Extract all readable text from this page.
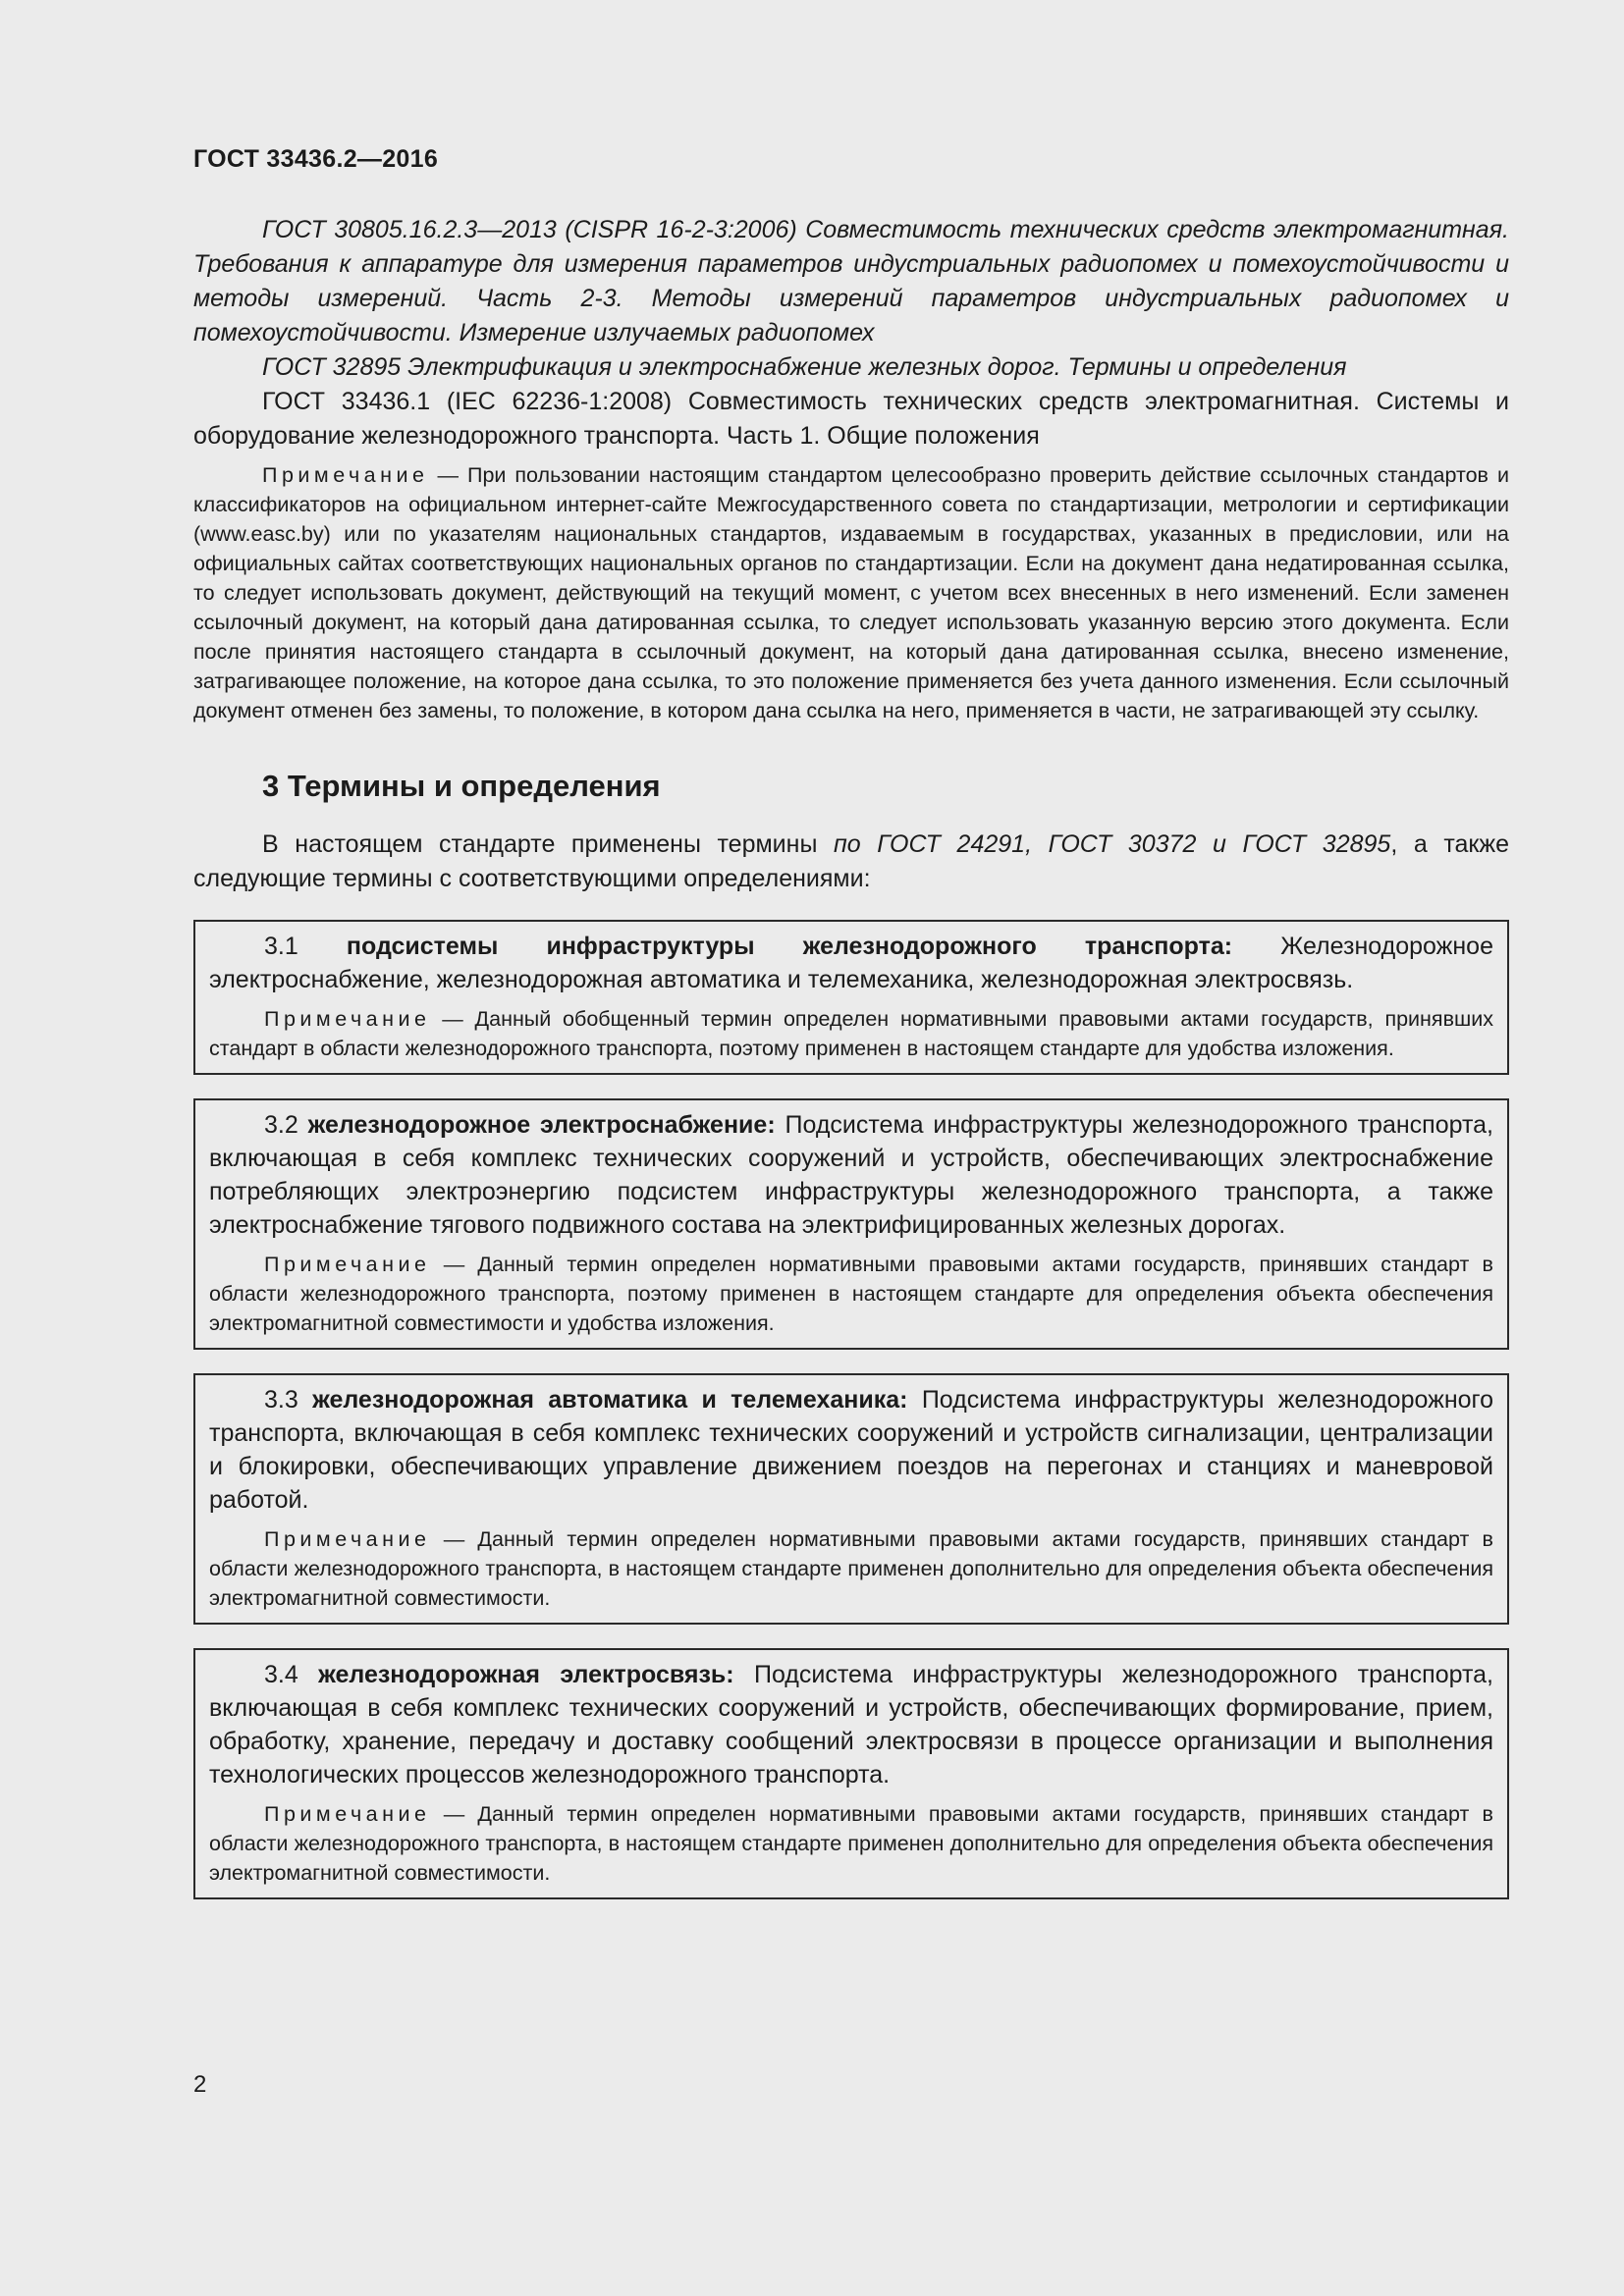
ГОСТ 33436.2—2016

ГОСТ 30805.16.2.3—2013 (CISPR 16-2-3:2006) Совместимость технических средств электромагнитная. Требования к аппаратуре для измерения параметров индустриальных радиопомех и помехоустойчивости и методы измерений. Часть 2-3. Методы измерений параметров индустриальных радиопомех и помехоустойчивости. Измерение излучаемых радиопомех

ГОСТ 32895 Электрификация и электроснабжение железных дорог. Термины и определения

ГОСТ 33436.1 (IEC 62236-1:2008) Совместимость технических средств электромагнитная. Системы и оборудование железнодорожного транспорта. Часть 1. Общие положения

Примечание — При пользовании настоящим стандартом целесообразно проверить действие ссылочных стандартов и классификаторов на официальном интернет-сайте Межгосударственного совета по стандартизации, метрологии и сертификации (www.easc.by) или по указателям национальных стандартов, издаваемым в государствах, указанных в предисловии, или на официальных сайтах соответствующих национальных органов по стандартизации. Если на документ дана недатированная ссылка, то следует использовать документ, действующий на текущий момент, с учетом всех внесенных в него изменений. Если заменен ссылочный документ, на который дана датированная ссылка, то следует использовать указанную версию этого документа. Если после принятия настоящего стандарта в ссылочный документ, на который дана датированная ссылка, внесено изменение, затрагивающее положение, на которое дана ссылка, то это положение применяется без учета данного изменения. Если ссылочный документ отменен без замены, то положение, в котором дана ссылка на него, применяется в части, не затрагивающей эту ссылку.

3 Термины и определения

В настоящем стандарте применены термины по ГОСТ 24291, ГОСТ 30372 и ГОСТ 32895, а также следующие термины с соответствующими определениями:

3.1 подсистемы инфраструктуры железнодорожного транспорта: Железнодорожное электроснабжение, железнодорожная автоматика и телемеханика, железнодорожная электросвязь.

Примечание — Данный обобщенный термин определен нормативными правовыми актами государств, принявших стандарт в области железнодорожного транспорта, поэтому применен в настоящем стандарте для удобства изложения.

3.2 железнодорожное электроснабжение: Подсистема инфраструктуры железнодорожного транспорта, включающая в себя комплекс технических сооружений и устройств, обеспечивающих электроснабжение потребляющих электроэнергию подсистем инфраструктуры железнодорожного транспорта, а также электроснабжение тягового подвижного состава на электрифицированных железных дорогах.

Примечание — Данный термин определен нормативными правовыми актами государств, принявших стандарт в области железнодорожного транспорта, поэтому применен в настоящем стандарте для определения объекта обеспечения электромагнитной совместимости и удобства изложения.

3.3 железнодорожная автоматика и телемеханика: Подсистема инфраструктуры железнодорожного транспорта, включающая в себя комплекс технических сооружений и устройств сигнализации, централизации и блокировки, обеспечивающих управление движением поездов на перегонах и станциях и маневровой работой.

Примечание — Данный термин определен нормативными правовыми актами государств, принявших стандарт в области железнодорожного транспорта, в настоящем стандарте применен дополнительно для определения объекта обеспечения электромагнитной совместимости.

3.4 железнодорожная электросвязь: Подсистема инфраструктуры железнодорожного транспорта, включающая в себя комплекс технических сооружений и устройств, обеспечивающих формирование, прием, обработку, хранение, передачу и доставку сообщений электросвязи в процессе организации и выполнения технологических процессов железнодорожного транспорта.

Примечание — Данный термин определен нормативными правовыми актами государств, принявших стандарт в области железнодорожного транспорта, в настоящем стандарте применен дополнительно для определения объекта обеспечения электромагнитной совместимости.

2
